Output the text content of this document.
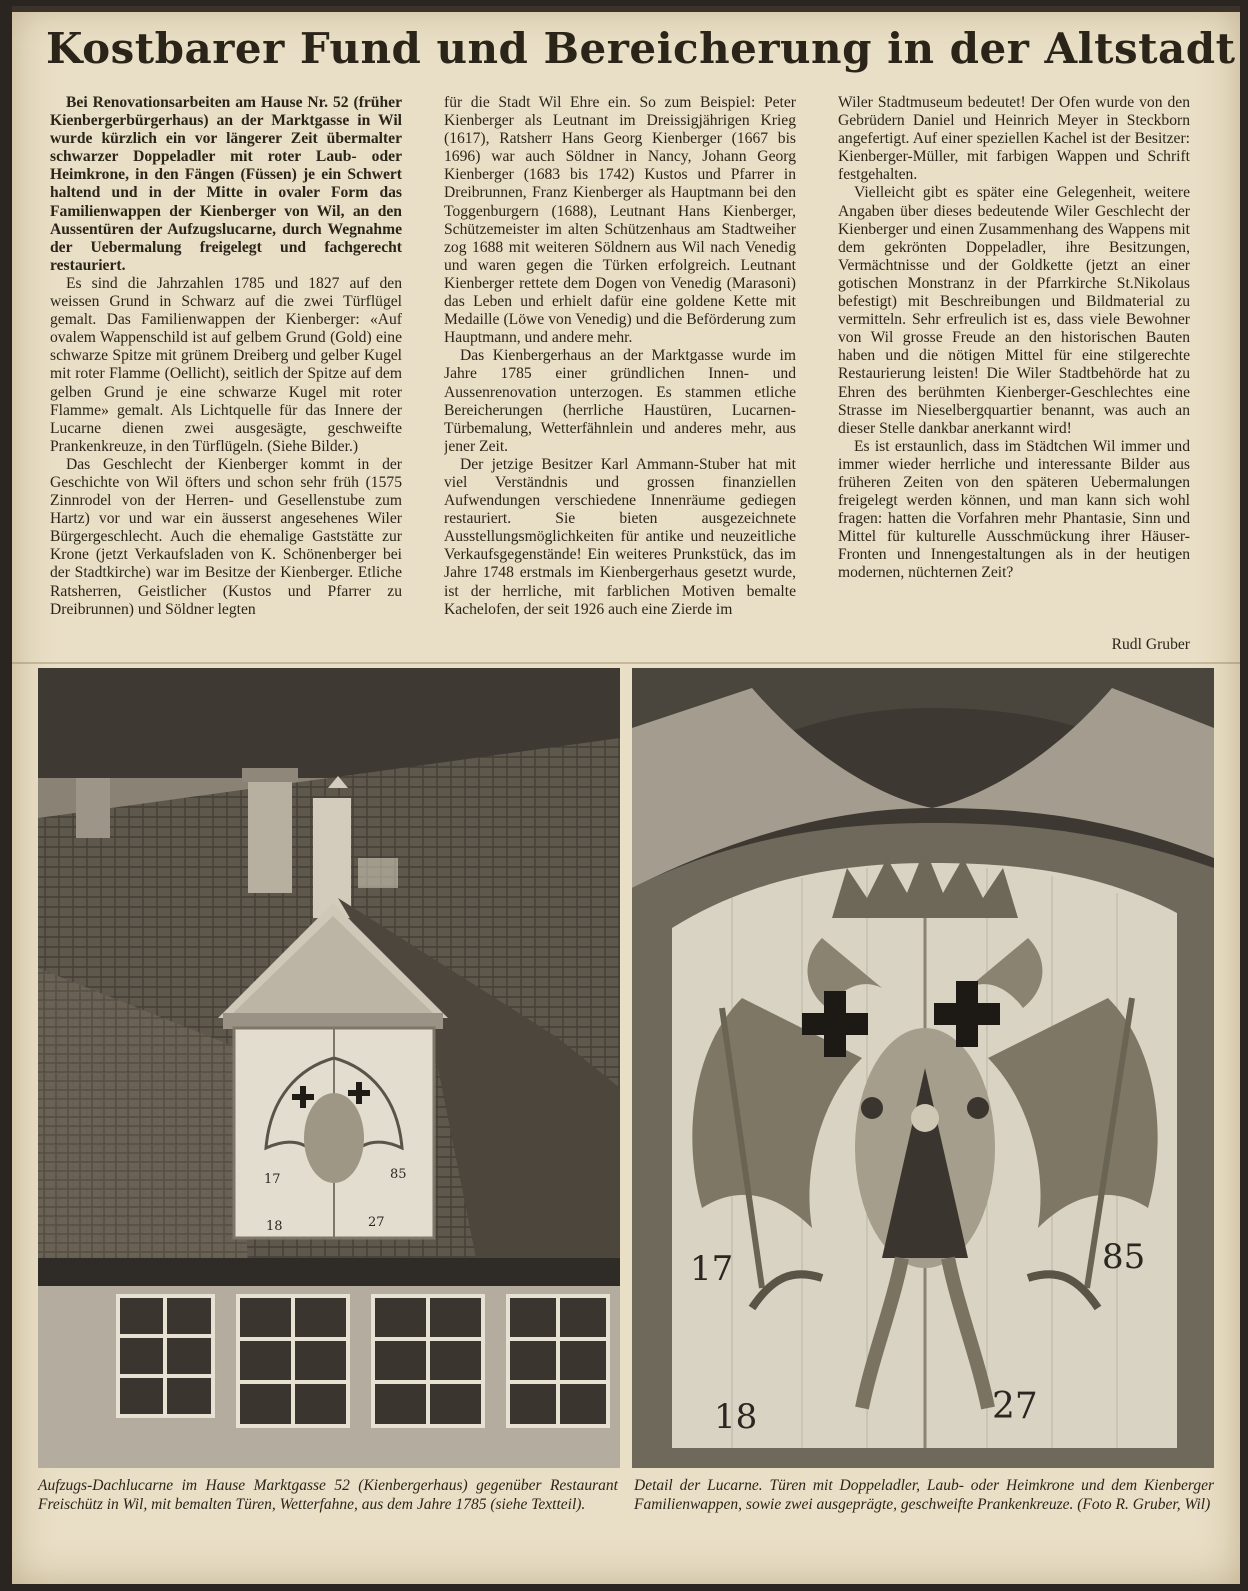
Kostbarer Fund und Bereicherung in der Altstadt

Bei Renovationsarbeiten am Hause Nr. 52 (früher Kienbergerbürgerhaus) an der Marktgasse in Wil wurde kürzlich ein vor längerer Zeit übermalter schwarzer Doppeladler mit roter Laub- oder Heimkrone, in den Fängen (Füssen) je ein Schwert haltend und in der Mitte in ovaler Form das Familienwappen der Kienberger von Wil, an den Aussentüren der Aufzugslucarne, durch Wegnahme der Uebermalung freigelegt und fachgerecht restauriert.

Es sind die Jahrzahlen 1785 und 1827 auf den weissen Grund in Schwarz auf die zwei Türflügel gemalt. Das Familienwappen der Kienberger: «Auf ovalem Wappenschild ist auf gelbem Grund (Gold) eine schwarze Spitze mit grünem Dreiberg und gelber Kugel mit roter Flamme (Oellicht), seitlich der Spitze auf dem gelben Grund je eine schwarze Kugel mit roter Flamme» gemalt. Als Lichtquelle für das Innere der Lucarne dienen zwei ausgesägte, geschweifte Prankenkreuze, in den Türflügeln. (Siehe Bilder.)

Das Geschlecht der Kienberger kommt in der Geschichte von Wil öfters und schon sehr früh (1575 Zinnrodel von der Herren- und Gesellenstube zum Hartz) vor und war ein äusserst angesehenes Wiler Bürgergeschlecht. Auch die ehemalige Gaststätte zur Krone (jetzt Verkaufsladen von K. Schönenberger bei der Stadtkirche) war im Besitze der Kienberger. Etliche Ratsherren, Geistlicher (Kustos und Pfarrer zu Dreibrunnen) und Söldner legten

für die Stadt Wil Ehre ein. So zum Beispiel: Peter Kienberger als Leutnant im Dreissigjährigen Krieg (1617), Ratsherr Hans Georg Kienberger (1667 bis 1696) war auch Söldner in Nancy, Johann Georg Kienberger (1683 bis 1742) Kustos und Pfarrer in Dreibrunnen, Franz Kienberger als Hauptmann bei den Toggenburgern (1688), Leutnant Hans Kienberger, Schützemeister im alten Schützenhaus am Stadtweiher zog 1688 mit weiteren Söldnern aus Wil nach Venedig und waren gegen die Türken erfolgreich. Leutnant Kienberger rettete dem Dogen von Venedig (Marasoni) das Leben und erhielt dafür eine goldene Kette mit Medaille (Löwe von Venedig) und die Beförderung zum Hauptmann, und andere mehr.

Das Kienbergerhaus an der Marktgasse wurde im Jahre 1785 einer gründlichen Innen- und Aussenrenovation unterzogen. Es stammen etliche Bereicherungen (herrliche Haustüren, Lucarnen-Türbemalung, Wetterfähnlein und anderes mehr, aus jener Zeit.

Der jetzige Besitzer Karl Ammann-Stuber hat mit viel Verständnis und grossen finanziellen Aufwendungen verschiedene Innenräume gediegen restauriert. Sie bieten ausgezeichnete Ausstellungsmöglichkeiten für antike und neuzeitliche Verkaufsgegenstände! Ein weiteres Prunkstück, das im Jahre 1748 erstmals im Kienbergerhaus gesetzt wurde, ist der herrliche, mit farblichen Motiven bemalte Kachelofen, der seit 1926 auch eine Zierde im

Wiler Stadtmuseum bedeutet! Der Ofen wurde von den Gebrüdern Daniel und Heinrich Meyer in Steckborn angefertigt. Auf einer speziellen Kachel ist der Besitzer: Kienberger-Müller, mit farbigen Wappen und Schrift festgehalten.

Vielleicht gibt es später eine Gelegenheit, weitere Angaben über dieses bedeutende Wiler Geschlecht der Kienberger und einen Zusammenhang des Wappens mit dem gekrönten Doppeladler, ihre Besitzungen, Vermächtnisse und der Goldkette (jetzt an einer gotischen Monstranz in der Pfarrkirche St.Nikolaus befestigt) mit Beschreibungen und Bildmaterial zu vermitteln. Sehr erfreulich ist es, dass viele Bewohner von Wil grosse Freude an den historischen Bauten haben und die nötigen Mittel für eine stilgerechte Restaurierung leisten! Die Wiler Stadtbehörde hat zu Ehren des berühmten Kienberger-Geschlechtes eine Strasse im Nieselbergquartier benannt, was auch an dieser Stelle dankbar anerkannt wird!

Es ist erstaunlich, dass im Städtchen Wil immer und immer wieder herrliche und interessante Bilder aus früheren Zeiten von den späteren Uebermalungen freigelegt werden können, und man kann sich wohl fragen: hatten die Vorfahren mehr Phantasie, Sinn und Mittel für kulturelle Ausschmückung ihrer Häuser-Fronten und Innengestaltungen als in der heutigen modernen, nüchternen Zeit?

Rudl Gruber
17	85
18	27
17	85
18	27
Aufzugs-Dachlucarne im Hause Marktgasse 52 (Kienbergerhaus) gegenüber Restaurant Freischütz in Wil, mit bemalten Türen, Wetterfahne, aus dem Jahre 1785 (siehe Textteil).
Detail der Lucarne. Türen mit Doppeladler, Laub- oder Heimkrone und dem Kienberger Familienwappen, sowie zwei ausgeprägte, geschweifte Prankenkreuze. (Foto R. Gruber, Wil)
